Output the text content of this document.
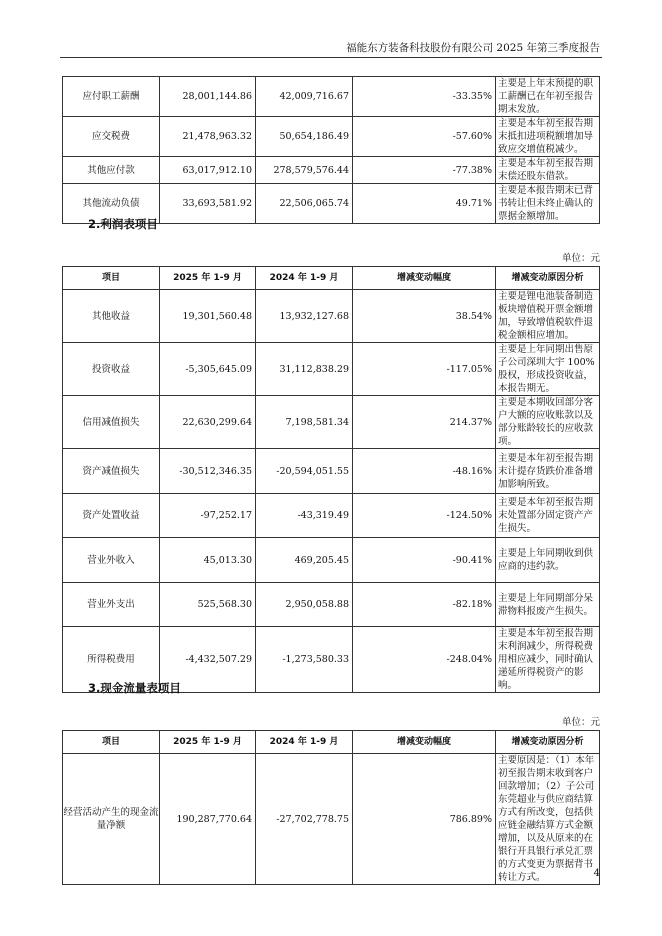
福能东方装备科技股份有限公司 2025 年第三季度报告
应付职工薪酬	28,001,144.86	42,009,716.67	-33.35%	主要是上年末预提的职工薪酬已在年初至报告期末发放。
应交税费	21,478,963.32	50,654,186.49	-57.60%	主要是本年初至报告期末抵扣进项税额增加导致应交增值税减少。
其他应付款	63,017,912.10	278,579,576.44	-77.38%	主要是本年初至报告期末偿还股东借款。
其他流动负债	33,693,581.92	22,506,065.74	49.71%	主要是本报告期末已背书转让但未终止确认的票据金额增加。
2.利润表项目
单位：元
项目	2025 年 1-9 月	2024 年 1-9 月	增减变动幅度	增减变动原因分析
其他收益	19,301,560.48	13,932,127.68	38.54%	主要是锂电池装备制造板块增值税开票金额增加，导致增值税软件退税金额相应增加。
投资收益	-5,305,645.09	31,112,838.29	-117.05%	主要是上年同期出售原子公司深圳大宇 100%股权，形成投资收益，本报告期无。
信用减值损失	22,630,299.64	7,198,581.34	214.37%	主要是本期收回部分客户大额的应收账款以及部分账龄较长的应收款项。
资产减值损失	-30,512,346.35	-20,594,051.55	-48.16%	主要是本年初至报告期末计提存货跌价准备增加影响所致。
资产处置收益	-97,252.17	-43,319.49	-124.50%	主要是本年初至报告期末处置部分固定资产产生损失。
营业外收入	45,013.30	469,205.45	-90.41%	主要是上年同期收到供应商的违约款。
营业外支出	525,568.30	2,950,058.88	-82.18%	主要是上年同期部分呆滞物料报废产生损失。
所得税费用	-4,432,507.29	-1,273,580.33	-248.04%	主要是本年初至报告期末利润减少，所得税费用相应减少，同时确认递延所得税资产的影响。
3.现金流量表项目
单位：元
项目	2025 年 1-9 月	2024 年 1-9 月	增减变动幅度	增减变动原因分析
经营活动产生的现金流量净额	190,287,770.64	-27,702,778.75	786.89%	主要原因是：（1）本年初至报告期末收到客户回款增加；（2）子公司东莞超业与供应商结算方式有所改变，包括供应链金融结算方式金额增加，以及从原来的在银行开具银行承兑汇票的方式变更为票据背书转让方式。	4
